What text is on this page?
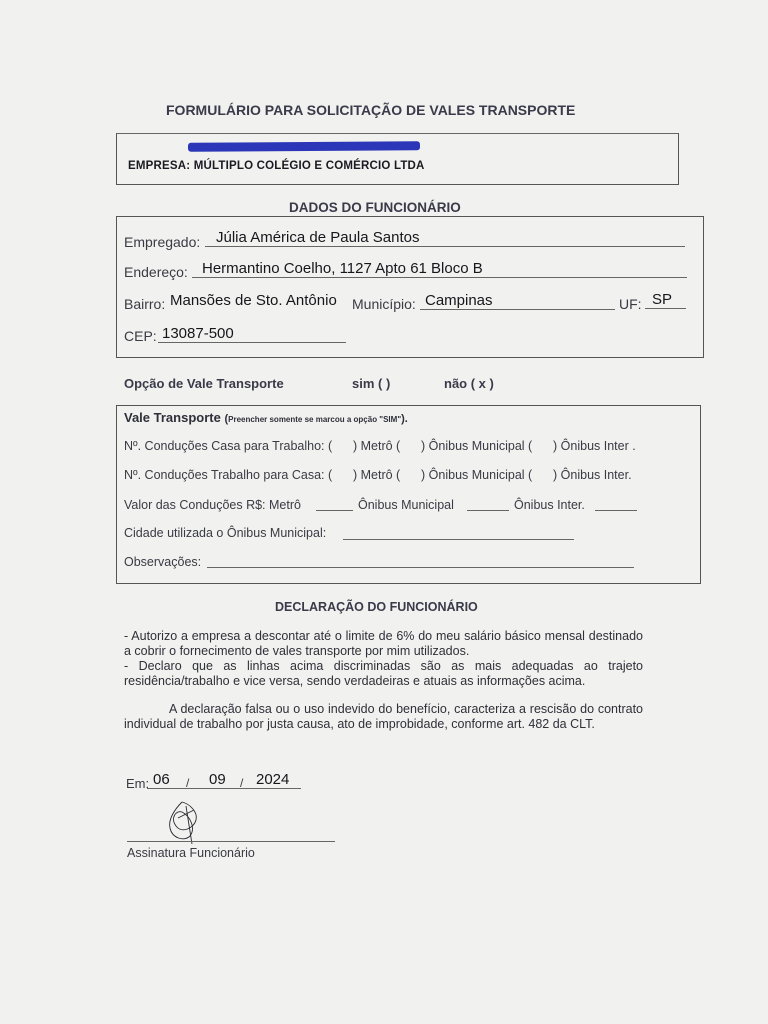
FORMULÁRIO PARA SOLICITAÇÃO DE VALES TRANSPORTE
EMPRESA: MÚLTIPLO COLÉGIO E COMÉRCIO LTDA
DADOS DO FUNCIONÁRIO
Empregado: Júlia América de Paula Santos
Endereço: Hermantino Coelho, 1127 Apto 61 Bloco B
Bairro: Mansões de Sto. Antônio Município: Campinas	UF: SP
CEP: 13087-500
Opção de Vale Transporte	sim ( )	não ( x )
Vale Transporte (Preencher somente se marcou a opção "SIM").
Nº. Conduções Casa para Trabalho: (      ) Metrô (      ) Ônibus Municipal (      ) Ônibus Inter .
Nº. Conduções Trabalho para Casa: (      ) Metrô (      ) Ônibus Municipal (      ) Ônibus Inter.
Valor das Conduções R$: Metrô	Ônibus Municipal	Ônibus Inter.
Cidade utilizada o Ônibus Municipal:
Observações:
DECLARAÇÃO DO FUNCIONÁRIO
- Autorizo a empresa a descontar até o limite de 6% do meu salário básico mensal destinado a cobrir o fornecimento de vales transporte por mim utilizados.
- Declaro que as linhas acima discriminadas são as mais adequadas ao trajeto residência/trabalho e vice versa, sendo verdadeiras e atuais as informações acima.
A declaração falsa ou o uso indevido do benefício, caracteriza a rescisão do contrato individual de trabalho por justa causa, ato de improbidade, conforme art. 482 da CLT.
Em: 06 / 09 / 2024
Assinatura Funcionário
